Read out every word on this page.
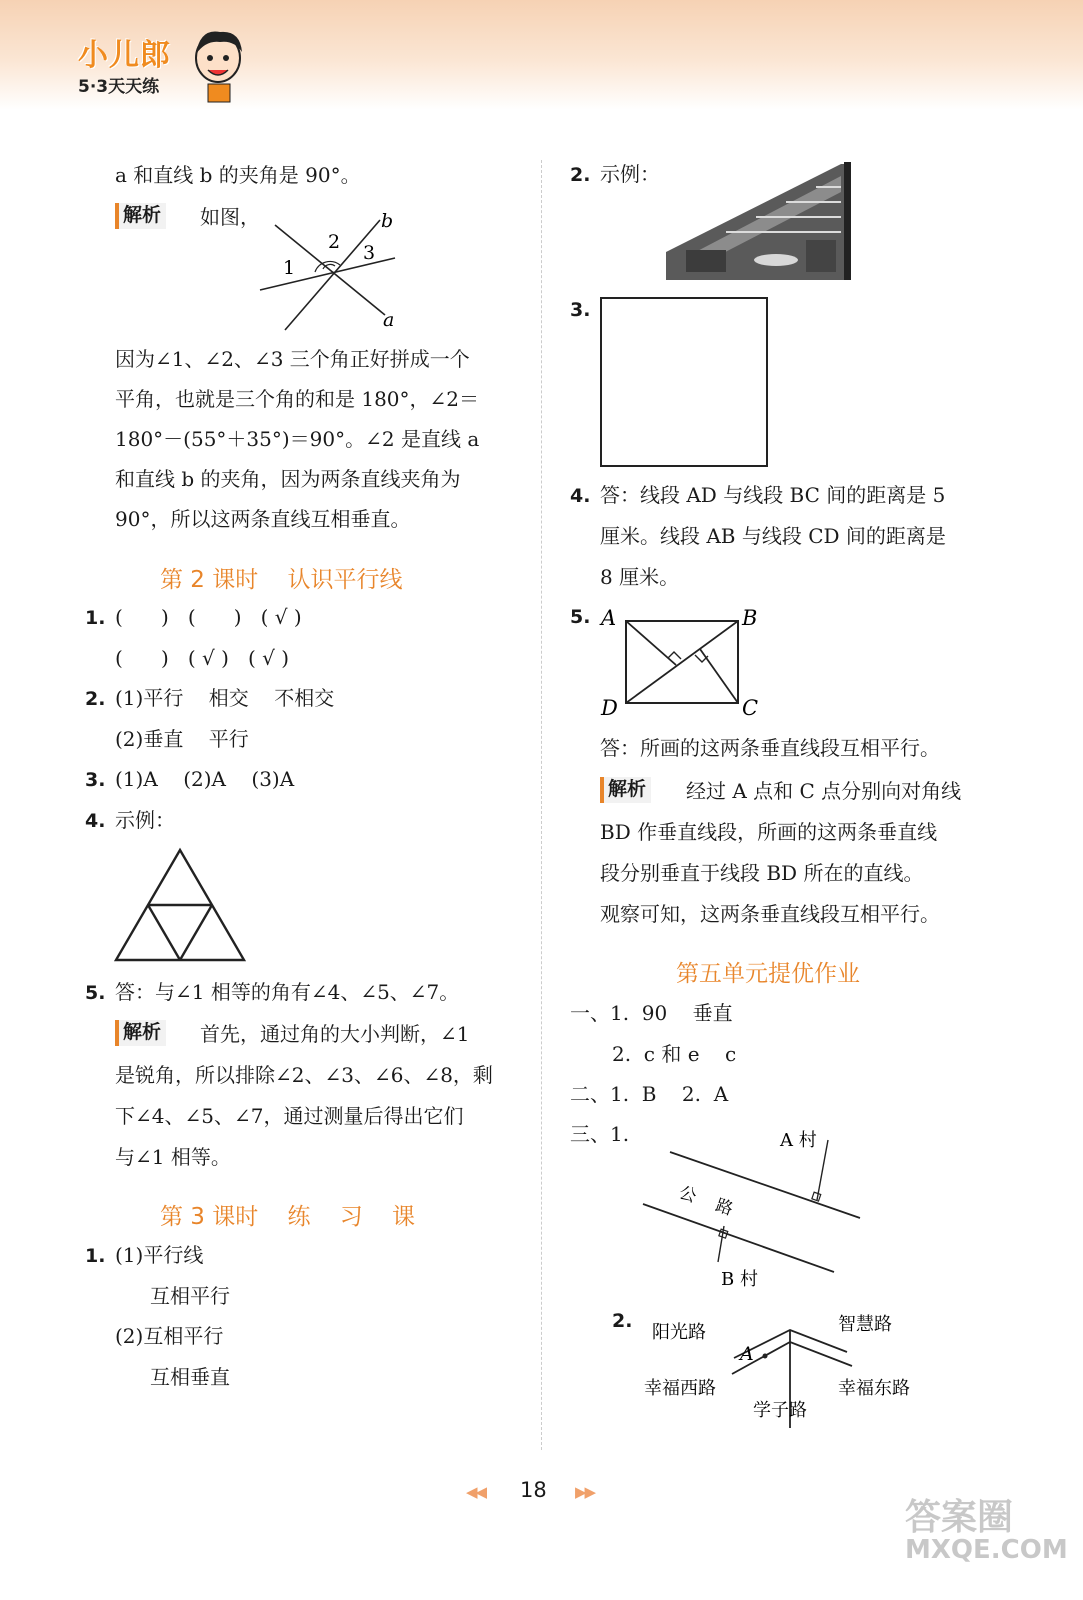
小儿郎
5·3天天练
a 和直线 b 的夹角是 90°。
解析 如图，
1
2 3
b
a
因为∠1、∠2、∠3 三个角正好拼成一个
平角，也就是三个角的和是 180°，∠2＝
180°－(55°＋35°)＝90°。∠2 是直线 a
和直线 b 的夹角，因为两条直线夹角为
90°，所以这两条直线互相垂直。
第 2 课时    认识平行线
1. (      )   (      )   ( √ )
(      )   ( √ )   ( √ )
2. (1)平行    相交    不相交
(2)垂直    平行
3. (1)A    (2)A    (3)A
4. 示例：
5. 答：与∠1 相等的角有∠4、∠5、∠7。
解析 首先，通过角的大小判断，∠1
是锐角，所以排除∠2、∠3、∠6、∠8，剩
下∠4、∠5、∠7，通过测量后得出它们
与∠1 相等。
第 3 课时    练    习    课
1. (1)平行线
互相平行
(2)互相平行
互相垂直
2. 示例：
3.
4. 答：线段 AD 与线段 BC 间的距离是 5
厘米。线段 AB 与线段 CD 间的距离是
8 厘米。
5. A	B
C
D
答：所画的这两条垂直线段互相平行。
解析 经过 A 点和 C 点分别向对角线
BD 作垂直线段，所画的这两条垂直线
段分别垂直于线段 BD 所在的直线。
观察可知，这两条垂直线段互相平行。
第五单元提优作业
一、1.  90    垂直
2.  c 和 e    c
二、1.  B    2.  A
三、1.	A 村
公    路
B 村
2.
阳光路	智慧路
A
幸福西路	幸福东路
学子路
◀◀ 18 ▶▶
答案圈
MXQE.COM
